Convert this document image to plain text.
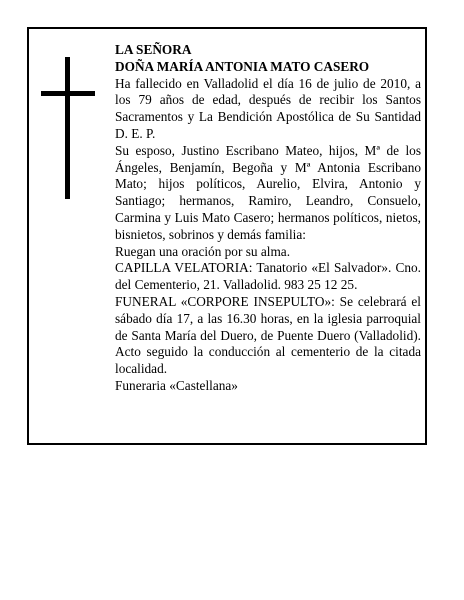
LA SEÑORA

DOÑA MARÍA ANTONIA MATO CASERO

Ha fallecido en Valladolid el día 16 de julio de 2010, a los 79 años de edad, después de recibir los Santos Sacramentos y La Bendición Apostólica de Su Santidad D. E. P.

Su esposo, Justino Escribano Mateo, hijos, Mª de los Ángeles, Benjamín, Begoña y Mª Antonia Escribano Mato; hijos políticos, Aurelio, Elvira, Antonio y Santiago; hermanos, Ramiro, Leandro, Consuelo, Carmina y Luis Mato Casero; hermanos políticos, nietos, bisnietos, sobrinos y demás familia:

Ruegan una oración por su alma.

CAPILLA VELATORIA: Tanatorio «El Salvador». Cno. del Cementerio, 21. Valladolid. 983 25 12 25.

FUNERAL «CORPORE INSEPULTO»: Se celebrará el sábado día 17, a las 16.30 horas, en la iglesia parroquial de Santa María del Duero, de Puente Duero (Valladolid). Acto seguido la conducción al cementerio de la citada localidad.

Funeraria «Castellana»
